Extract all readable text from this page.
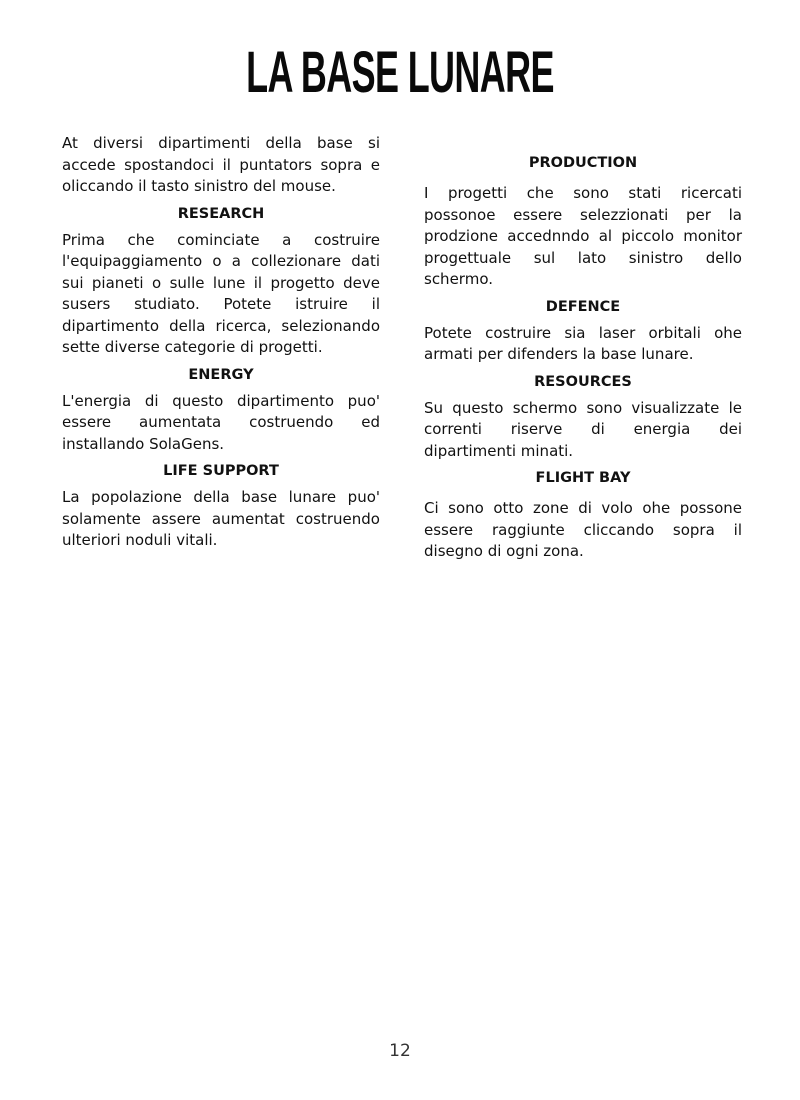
LA BASE LUNARE

At diversi dipartimenti della base si accede spostandoci il puntators sopra e oliccando il tasto sinistro del mouse.

RESEARCH

Prima che cominciate a costruire l'equipaggiamento o a collezionare dati sui pianeti o sulle lune il progetto deve susers studiato. Potete istruire il dipartimento della ricerca, selezionando sette diverse categorie di progetti.

ENERGY

L'energia di questo dipartimento puo' essere aumentata costruendo ed installando SolaGens.

LIFE SUPPORT

La popolazione della base lunare puo' solamente assere aumentat costruendo ulteriori noduli vitali.

PRODUCTION

I progetti che sono stati ricercati possonoe essere selezzionati per la prodzione accednndo al piccolo monitor progettuale sul lato sinistro dello schermo.

DEFENCE

Potete costruire sia laser orbitali ohe armati per difenders la base lunare.

RESOURCES

Su questo schermo sono visualizzate le correnti riserve di energia dei dipartimenti minati.

FLIGHT BAY

Ci sono otto zone di volo ohe possone essere raggiunte cliccando sopra il disegno di ogni zona.

12
